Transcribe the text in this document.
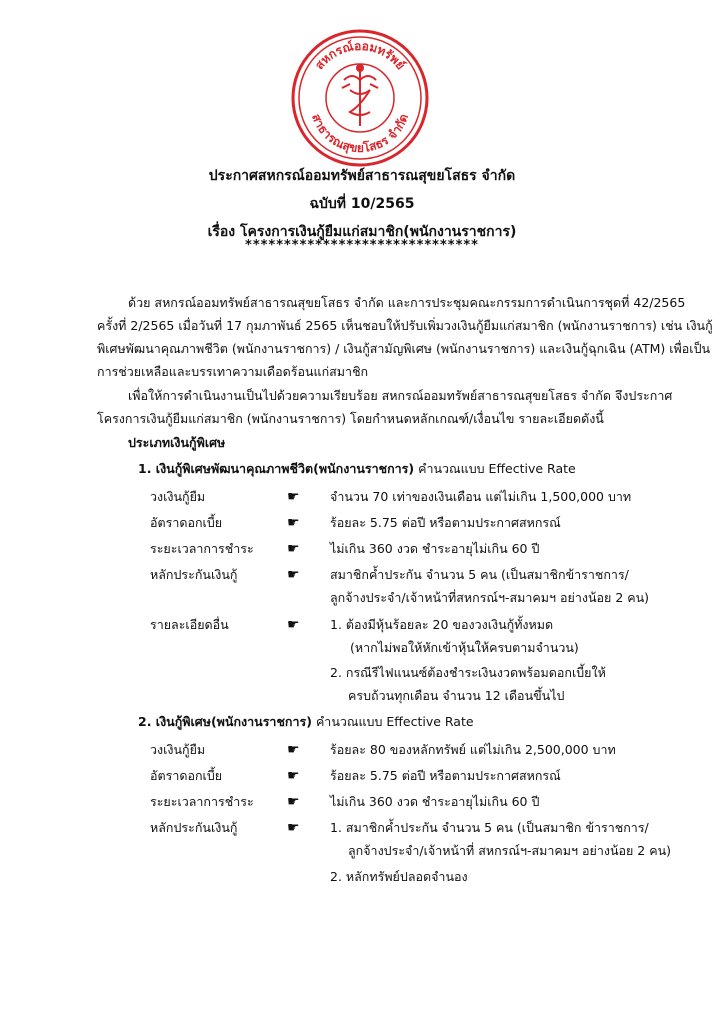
สหกรณ์ออมทรัพย์
สาธารณสุขยโสธร จำกัด
ประกาศสหกรณ์ออมทรัพย์สาธารณสุขยโสธร จำกัด
ฉบับที่ 10/2565
เรื่อง โครงการเงินกู้ยืมแก่สมาชิก(พนักงานราชการ)
******************************
ด้วย สหกรณ์ออมทรัพย์สาธารณสุขยโสธร จำกัด และการประชุมคณะกรรมการดำเนินการชุดที่ 42/2565
ครั้งที่ 2/2565 เมื่อวันที่ 17 กุมภาพันธ์ 2565 เห็นชอบให้ปรับเพิ่มวงเงินกู้ยืมแก่สมาชิก (พนักงานราชการ) เช่น เงินกู้
พิเศษพัฒนาคุณภาพชีวิต (พนักงานราชการ) / เงินกู้สามัญพิเศษ (พนักงานราชการ) และเงินกู้ฉุกเฉิน (ATM) เพื่อเป็น
การช่วยเหลือและบรรเทาความเดือดร้อนแก่สมาชิก
เพื่อให้การดำเนินงานเป็นไปด้วยความเรียบร้อย สหกรณ์ออมทรัพย์สาธารณสุขยโสธร จำกัด จึงประกาศ
โครงการเงินกู้ยืมแก่สมาชิก (พนักงานราชการ) โดยกำหนดหลักเกณฑ์/เงื่อนไข รายละเอียดดังนี้
ประเภทเงินกู้พิเศษ
1. เงินกู้พิเศษพัฒนาคุณภาพชีวิต(พนักงานราชการ) คำนวณแบบ Effective Rate
วงเงินกู้ยืม	☛ จำนวน 70 เท่าของเงินเดือน แต่ไม่เกิน 1,500,000 บาท
อัตราดอกเบี้ย	☛ ร้อยละ 5.75 ต่อปี หรือตามประกาศสหกรณ์
ระยะเวลาการชำระ ☛ ไม่เกิน 360 งวด ชำระอายุไม่เกิน 60 ปี
หลักประกันเงินกู้	☛ สมาชิกค้ำประกัน จำนวน 5 คน (เป็นสมาชิกข้าราชการ/
ลูกจ้างประจำ/เจ้าหน้าที่สหกรณ์ฯ-สมาคมฯ อย่างน้อย 2 คน)
รายละเอียดอื่น	☛ 1. ต้องมีหุ้นร้อยละ 20 ของวงเงินกู้ทั้งหมด
(หากไม่พอให้หักเข้าหุ้นให้ครบตามจำนวน)
2. กรณีรีไฟแนนซ์ต้องชำระเงินงวดพร้อมดอกเบี้ยให้
ครบถ้วนทุกเดือน จำนวน 12 เดือนขึ้นไป
2. เงินกู้พิเศษ(พนักงานราชการ) คำนวณแบบ Effective Rate
วงเงินกู้ยืม	☛ ร้อยละ 80 ของหลักทรัพย์ แต่ไม่เกิน 2,500,000 บาท
อัตราดอกเบี้ย	☛ ร้อยละ 5.75 ต่อปี หรือตามประกาศสหกรณ์
ระยะเวลาการชำระ ☛ ไม่เกิน 360 งวด ชำระอายุไม่เกิน 60 ปี
หลักประกันเงินกู้	☛ 1. สมาชิกค้ำประกัน จำนวน 5 คน (เป็นสมาชิก ข้าราชการ/
ลูกจ้างประจำ/เจ้าหน้าที่ สหกรณ์ฯ-สมาคมฯ อย่างน้อย 2 คน)
2. หลักทรัพย์ปลอดจำนอง
